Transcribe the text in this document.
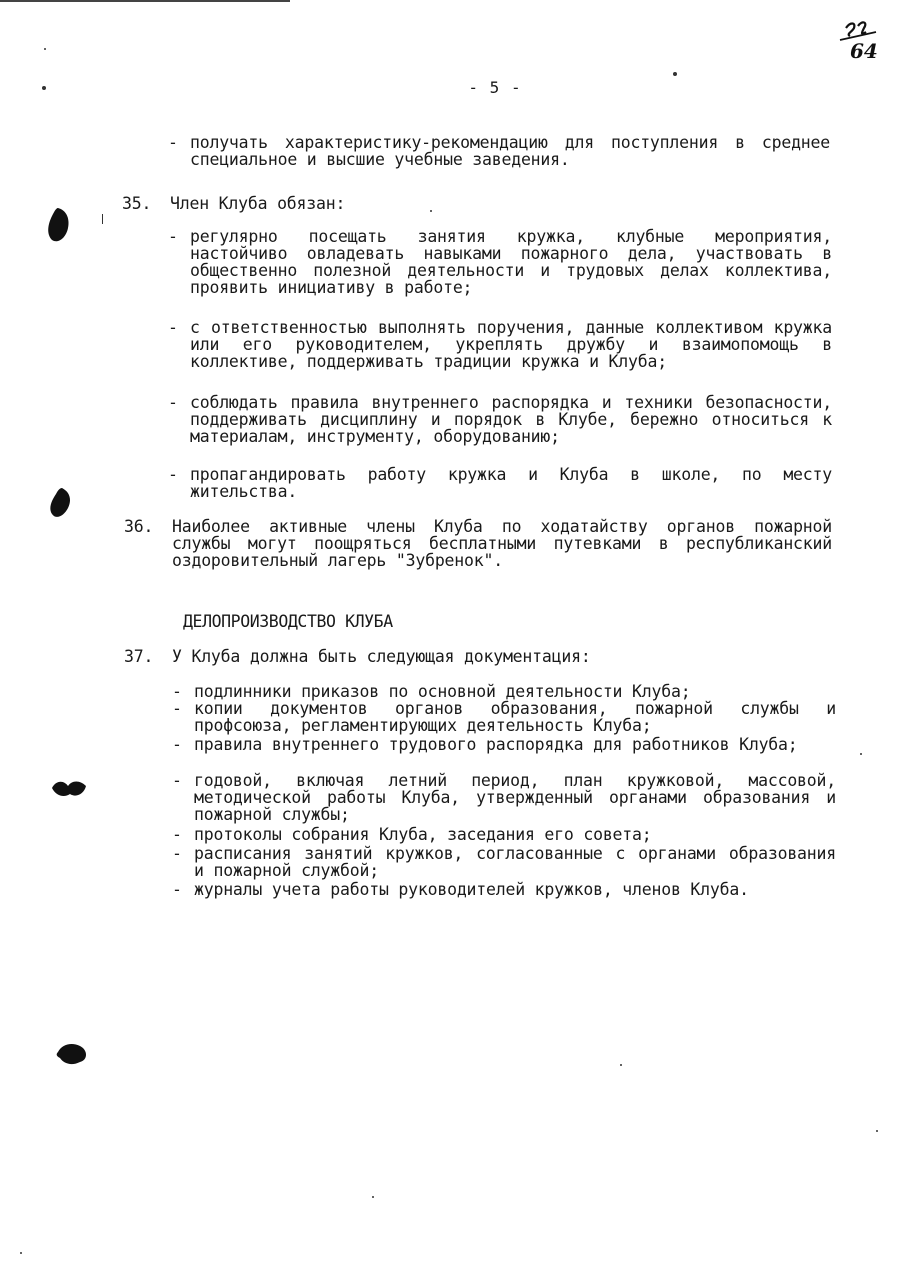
64
- 5 -
- получать характеристику-рекомендацию для поступления в среднее специальное и высшие учебные заведения.
35. Член Клуба обязан:
- регулярно посещать занятия кружка, клубные мероприятия, настойчиво овладевать навыками пожарного дела, участвовать в общественно полезной деятельности и трудовых делах коллектива, проявить инициативу в работе;
- с ответственностью выполнять поручения, данные коллективом кружка или его руководителем, укреплять дружбу и взаимопомощь в коллективе, поддерживать традиции кружка и Клуба;
- соблюдать правила внутреннего распорядка и техники безопасности, поддерживать дисциплину и порядок в Клубе, бережно относиться к материалам, инструменту, оборудованию;
- пропагандировать работу кружка и Клуба в школе, по месту жительства.
36. Наиболее активные члены Клуба по ходатайству органов пожарной службы могут поощряться бесплатными путевками в республиканский оздоровительный лагерь "Зубренок".
ДЕЛОПРОИЗВОДСТВО КЛУБА
37. У Клуба должна быть следующая документация:
- подлинники приказов по основной деятельности Клуба;
- копии документов органов образования, пожарной службы и профсоюза, регламентирующих деятельность Клуба;
- правила внутреннего трудового распорядка для работников Клуба;
- годовой, включая летний период, план кружковой, массовой, методической работы Клуба, утвержденный органами образования и пожарной службы;
- протоколы собрания Клуба, заседания его совета;
- расписания занятий кружков, согласованные с органами образования и пожарной службой;
- журналы учета работы руководителей кружков, членов Клуба.
